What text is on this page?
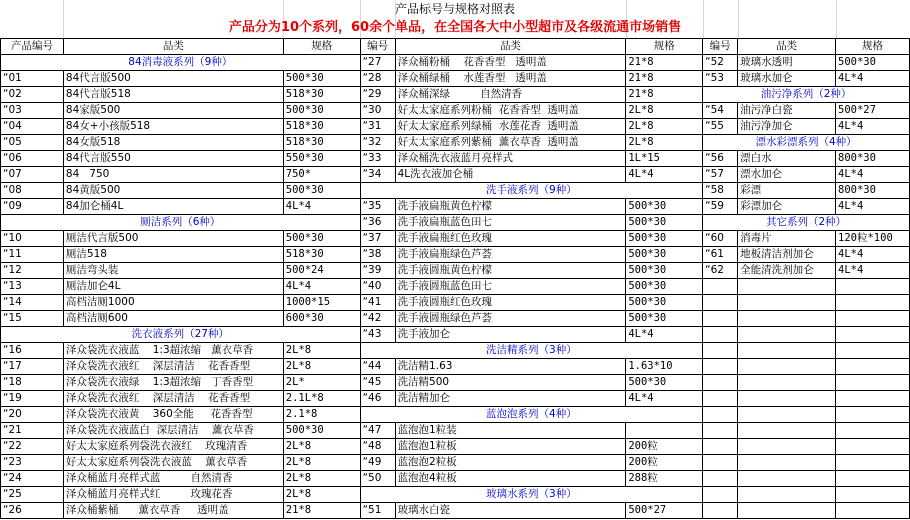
产品标号与规格对照表
产品分为10个系列，60余个单品，在全国各大中小型超市及各级流通市场销售
产品编号	品类	规格	编号	品类	规格	编号	品类	规格
84消毒液系列（9种）			“27	泽众桶粉桶    花香香型   透明盖	21*8	“52	玻璃水透明	500*30
“01	84代言版500	500*30	“28	泽众桶绿桶    水莲香型   透明盖	21*8	“53	玻璃水加仑	4L*4
“02	84代言版518	518*30	“29	泽众桶深绿         自然清香	21*8	油污净系列（2种）		
“03	84家版500	500*30	“30	好太太家庭系列粉桶  花香香型  透明盖	2L*8	“54	油污净白瓷	500*27
“04	84女+小孩版518	518*30	“31	好太太家庭系列绿桶  水莲花香  透明盖	2L*8	“55	油污净加仑	4L*4
“05	84女版518	518*30	“32	好太太家庭系列紫桶  薰衣草香  透明盖	2L*8	漂水彩漂系列（4种）		
“06	84代言版550	550*30	“33	泽众桶洗衣液蓝月亮样式	1L*15	“56	漂白水	800*30
“07	84   750	750*	“34	4L洗衣液加仑桶	4L*4	“57	漂水加仑	4L*4
“08	84黄版500	500*30	洗手液系列（9种）			“58	彩漂	800*30
“09	84加仑桶4L	4L*4	“35	洗手液扁瓶黄色柠檬	500*30	“59	彩漂加仑	4L*4
厕洁系列（6种）			“36	洗手液扁瓶蓝色田七	500*30	其它系列（2种）		
“10	厕洁代言版500	500*30	“37	洗手液扁瓶红色玫瑰	500*30	“60	消毒片	120粒*100
“11	厕洁518	518*30	“38	洗手液扁瓶绿色芦荟	500*30	“61	地板清洁剂加仑	4L*4
“12	厕洁弯头装	500*24	“39	洗手液圆瓶黄色柠檬	500*30	“62	全能清洗剂加仑	4L*4
“13	厕洁加仑4L	4L*4	“40	洗手液圆瓶蓝色田七	500*30			
“14	高档洁厕1000	1000*15	“41	洗手液圆瓶红色玫瑰	500*30			
“15	高档洁厕600	600*30	“42	洗手液圆瓶绿色芦荟	500*30			
洗衣液系列（27种）			“43	洗手液加仑	4L*4			
“16	泽众袋洗衣液蓝    1:3超浓缩   薰衣草香	2L*8	洗洁精系列（3种）					
“17	泽众袋洗衣液红    深层清洁    花香香型	2L*8	“44	洗洁精1.63	1.63*10			
“18	泽众袋洗衣液绿    1:3超浓缩   丁香香型	2L*	“45	洗洁精500	500*30			
“19	泽众袋洗衣液红    深层清洁    花香香型	2.1L*8	“46	洗洁精加仑	4L*4			
“20	泽众袋洗衣液黄    360全能     花香香型	2.1*8	蓝泡泡系列（4种）					
“21	泽众袋洗衣液蓝白  深层清洁    薰衣草香	500*30	“47	蓝泡泡1粒装				
“22	好太太家庭系列袋洗衣液红    玫瑰清香	2L*8	“48	蓝泡泡1粒板	200粒			
“23	好太太家庭系列袋洗衣液蓝    薰衣草香	2L*8	“49	蓝泡泡2粒板	200粒			
“24	泽众桶蓝月亮样式蓝         自然清香	2L*8	“50	蓝泡泡4粒板	288粒			
“25	泽众桶蓝月亮样式红         玫瑰花香	2L*8	玻璃水系列（3种）					
“26	泽众桶紫桶      薰衣草香     透明盖	21*8	“51	玻璃水白瓷	500*27			
